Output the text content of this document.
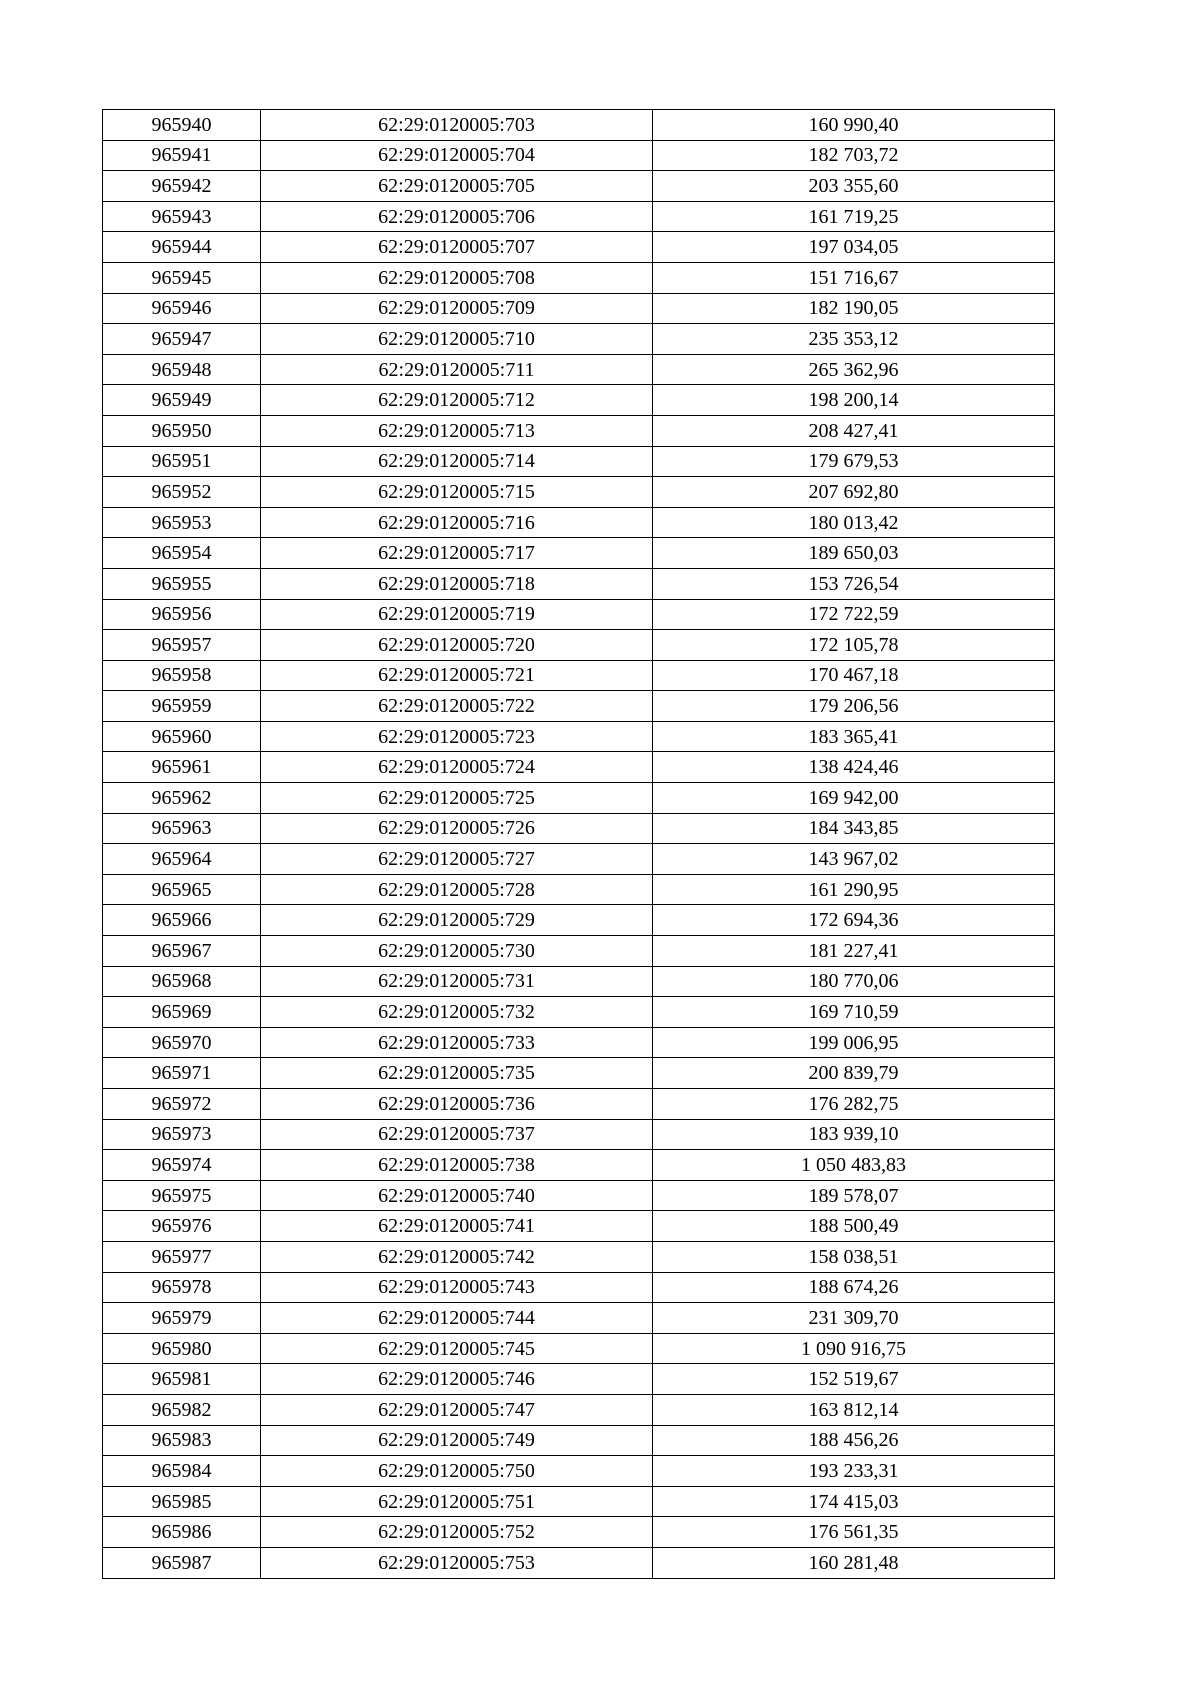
965940	62:29:0120005:703	160 990,40
965941	62:29:0120005:704	182 703,72
965942	62:29:0120005:705	203 355,60
965943	62:29:0120005:706	161 719,25
965944	62:29:0120005:707	197 034,05
965945	62:29:0120005:708	151 716,67
965946	62:29:0120005:709	182 190,05
965947	62:29:0120005:710	235 353,12
965948	62:29:0120005:711	265 362,96
965949	62:29:0120005:712	198 200,14
965950	62:29:0120005:713	208 427,41
965951	62:29:0120005:714	179 679,53
965952	62:29:0120005:715	207 692,80
965953	62:29:0120005:716	180 013,42
965954	62:29:0120005:717	189 650,03
965955	62:29:0120005:718	153 726,54
965956	62:29:0120005:719	172 722,59
965957	62:29:0120005:720	172 105,78
965958	62:29:0120005:721	170 467,18
965959	62:29:0120005:722	179 206,56
965960	62:29:0120005:723	183 365,41
965961	62:29:0120005:724	138 424,46
965962	62:29:0120005:725	169 942,00
965963	62:29:0120005:726	184 343,85
965964	62:29:0120005:727	143 967,02
965965	62:29:0120005:728	161 290,95
965966	62:29:0120005:729	172 694,36
965967	62:29:0120005:730	181 227,41
965968	62:29:0120005:731	180 770,06
965969	62:29:0120005:732	169 710,59
965970	62:29:0120005:733	199 006,95
965971	62:29:0120005:735	200 839,79
965972	62:29:0120005:736	176 282,75
965973	62:29:0120005:737	183 939,10
965974	62:29:0120005:738	1 050 483,83
965975	62:29:0120005:740	189 578,07
965976	62:29:0120005:741	188 500,49
965977	62:29:0120005:742	158 038,51
965978	62:29:0120005:743	188 674,26
965979	62:29:0120005:744	231 309,70
965980	62:29:0120005:745	1 090 916,75
965981	62:29:0120005:746	152 519,67
965982	62:29:0120005:747	163 812,14
965983	62:29:0120005:749	188 456,26
965984	62:29:0120005:750	193 233,31
965985	62:29:0120005:751	174 415,03
965986	62:29:0120005:752	176 561,35
965987	62:29:0120005:753	160 281,48
